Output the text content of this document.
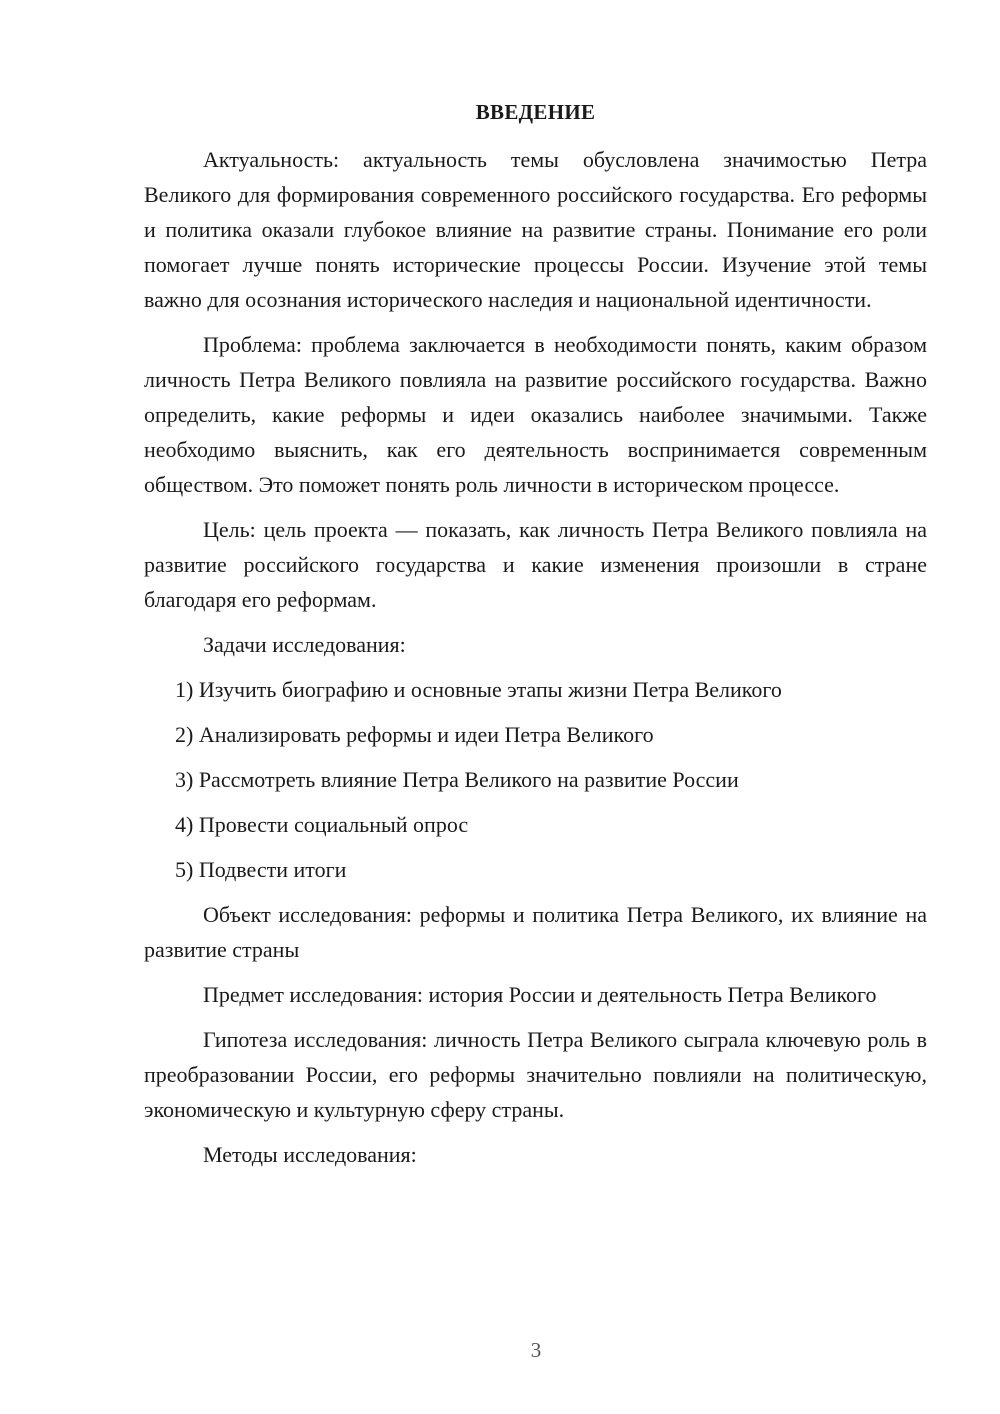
ВВЕДЕНИЕ

Актуальность: актуальность темы обусловлена значимостью Петра Великого для формирования современного российского государства. Его реформы и политика оказали глубокое влияние на развитие страны. Понимание его роли помогает лучше понять исторические процессы России. Изучение этой темы важно для осознания исторического наследия и национальной идентичности.

Проблема: проблема заключается в необходимости понять, каким образом личность Петра Великого повлияла на развитие российского государства. Важно определить, какие реформы и идеи оказались наиболее значимыми. Также необходимо выяснить, как его деятельность воспринимается современным обществом. Это поможет понять роль личности в историческом процессе.

Цель: цель проекта — показать, как личность Петра Великого повлияла на развитие российского государства и какие изменения произошли в стране благодаря его реформам.

Задачи исследования:

1) Изучить биографию и основные этапы жизни Петра Великого

2) Анализировать реформы и идеи Петра Великого

3) Рассмотреть влияние Петра Великого на развитие России

4) Провести социальный опрос

5) Подвести итоги

Объект исследования: реформы и политика Петра Великого, их влияние на развитие страны

Предмет исследования: история России и деятельность Петра Великого

Гипотеза исследования: личность Петра Великого сыграла ключевую роль в преобразовании России, его реформы значительно повлияли на политическую, экономическую и культурную сферу страны.

Методы исследования:

3
